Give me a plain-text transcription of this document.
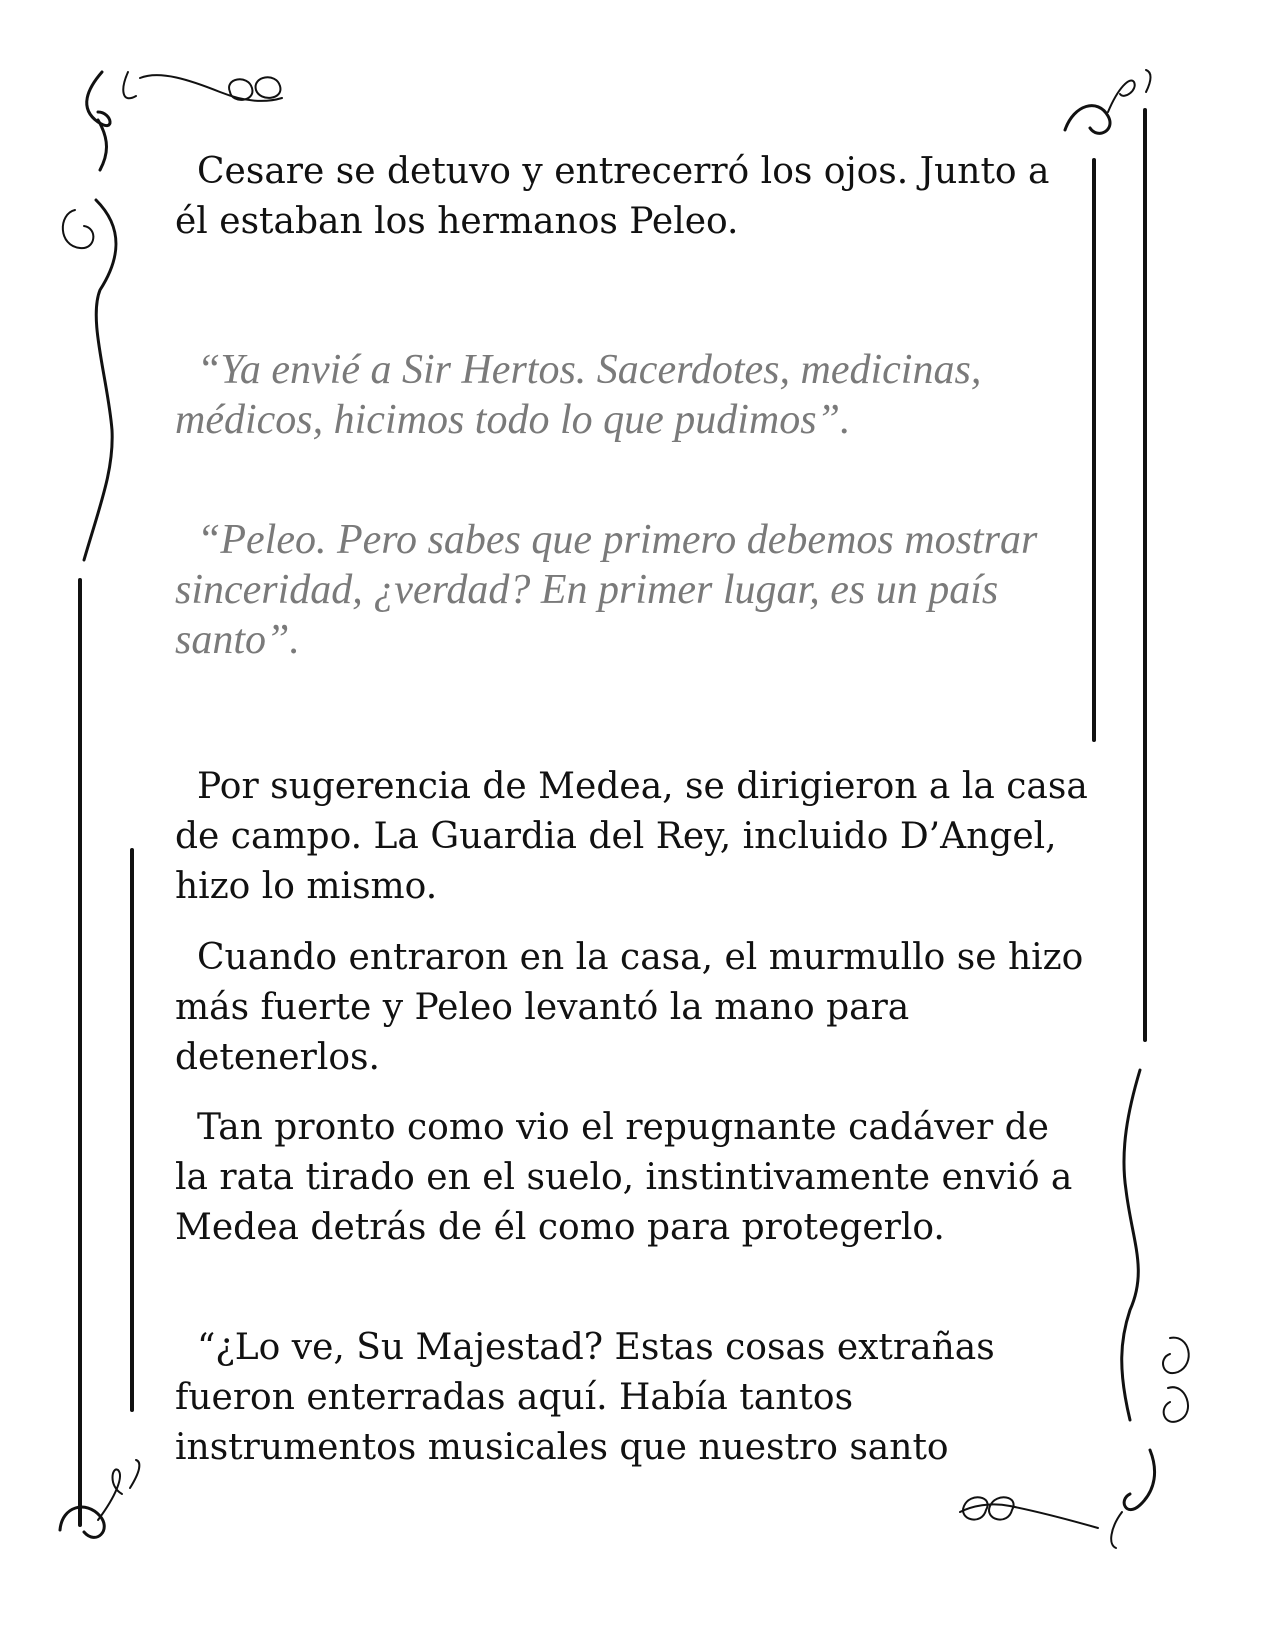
Cesare se detuvo y entrecerró los ojos. Junto a él estaban los hermanos Peleo.

“Ya envié a Sir Hertos. Sacerdotes, medicinas, médicos, hicimos todo lo que pudimos”.

“Peleo. Pero sabes que primero debemos mostrar sinceridad, ¿verdad? En primer lugar, es un país santo”.

Por sugerencia de Medea, se dirigieron a la casa de campo. La Guardia del Rey, incluido D’Angel, hizo lo mismo.

Cuando entraron en la casa, el murmullo se hizo más fuerte y Peleo levantó la mano para detenerlos.

Tan pronto como vio el repugnante cadáver de la rata tirado en el suelo, instintivamente envió a Medea detrás de él como para protegerlo.

“¿Lo ve, Su Majestad? Estas cosas extrañas fueron enterradas aquí. Había tantos instrumentos musicales que nuestro santo
